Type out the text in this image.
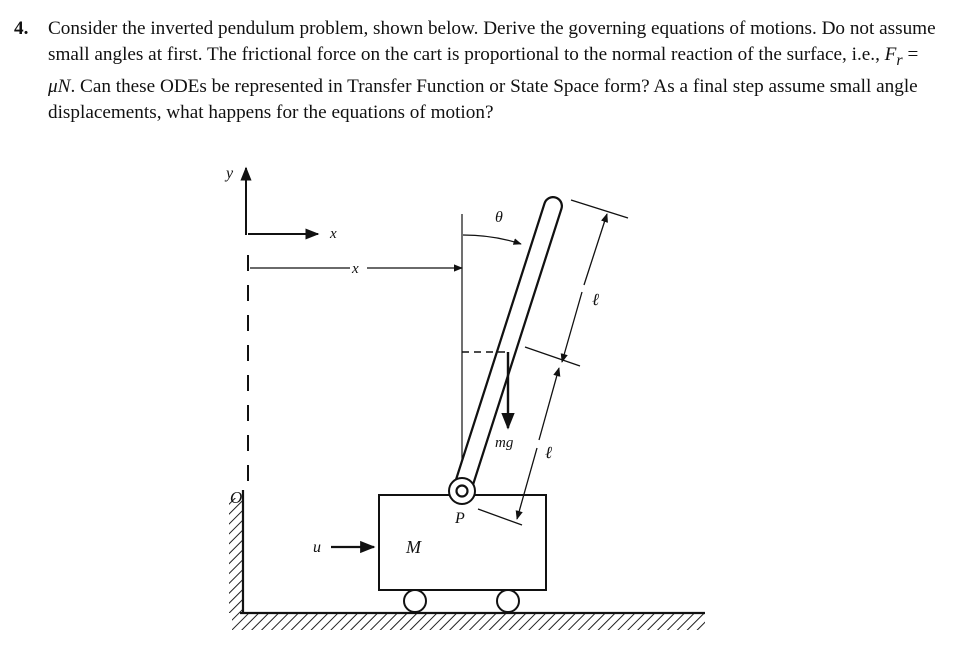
4. Consider the inverted pendulum problem, shown below. Derive the governing equations of motions. Do not assume small angles at first. The frictional force on the cart is proportional to the normal reaction of the surface, i.e., $F_r = \mu N$. Can these ODEs be represented in Transfer Function or State Space form? As a final step assume small angle displacements, what happens for the equations of motion?
O
y
x
x
θ
M
P
mg
ℓ
ℓ
u
